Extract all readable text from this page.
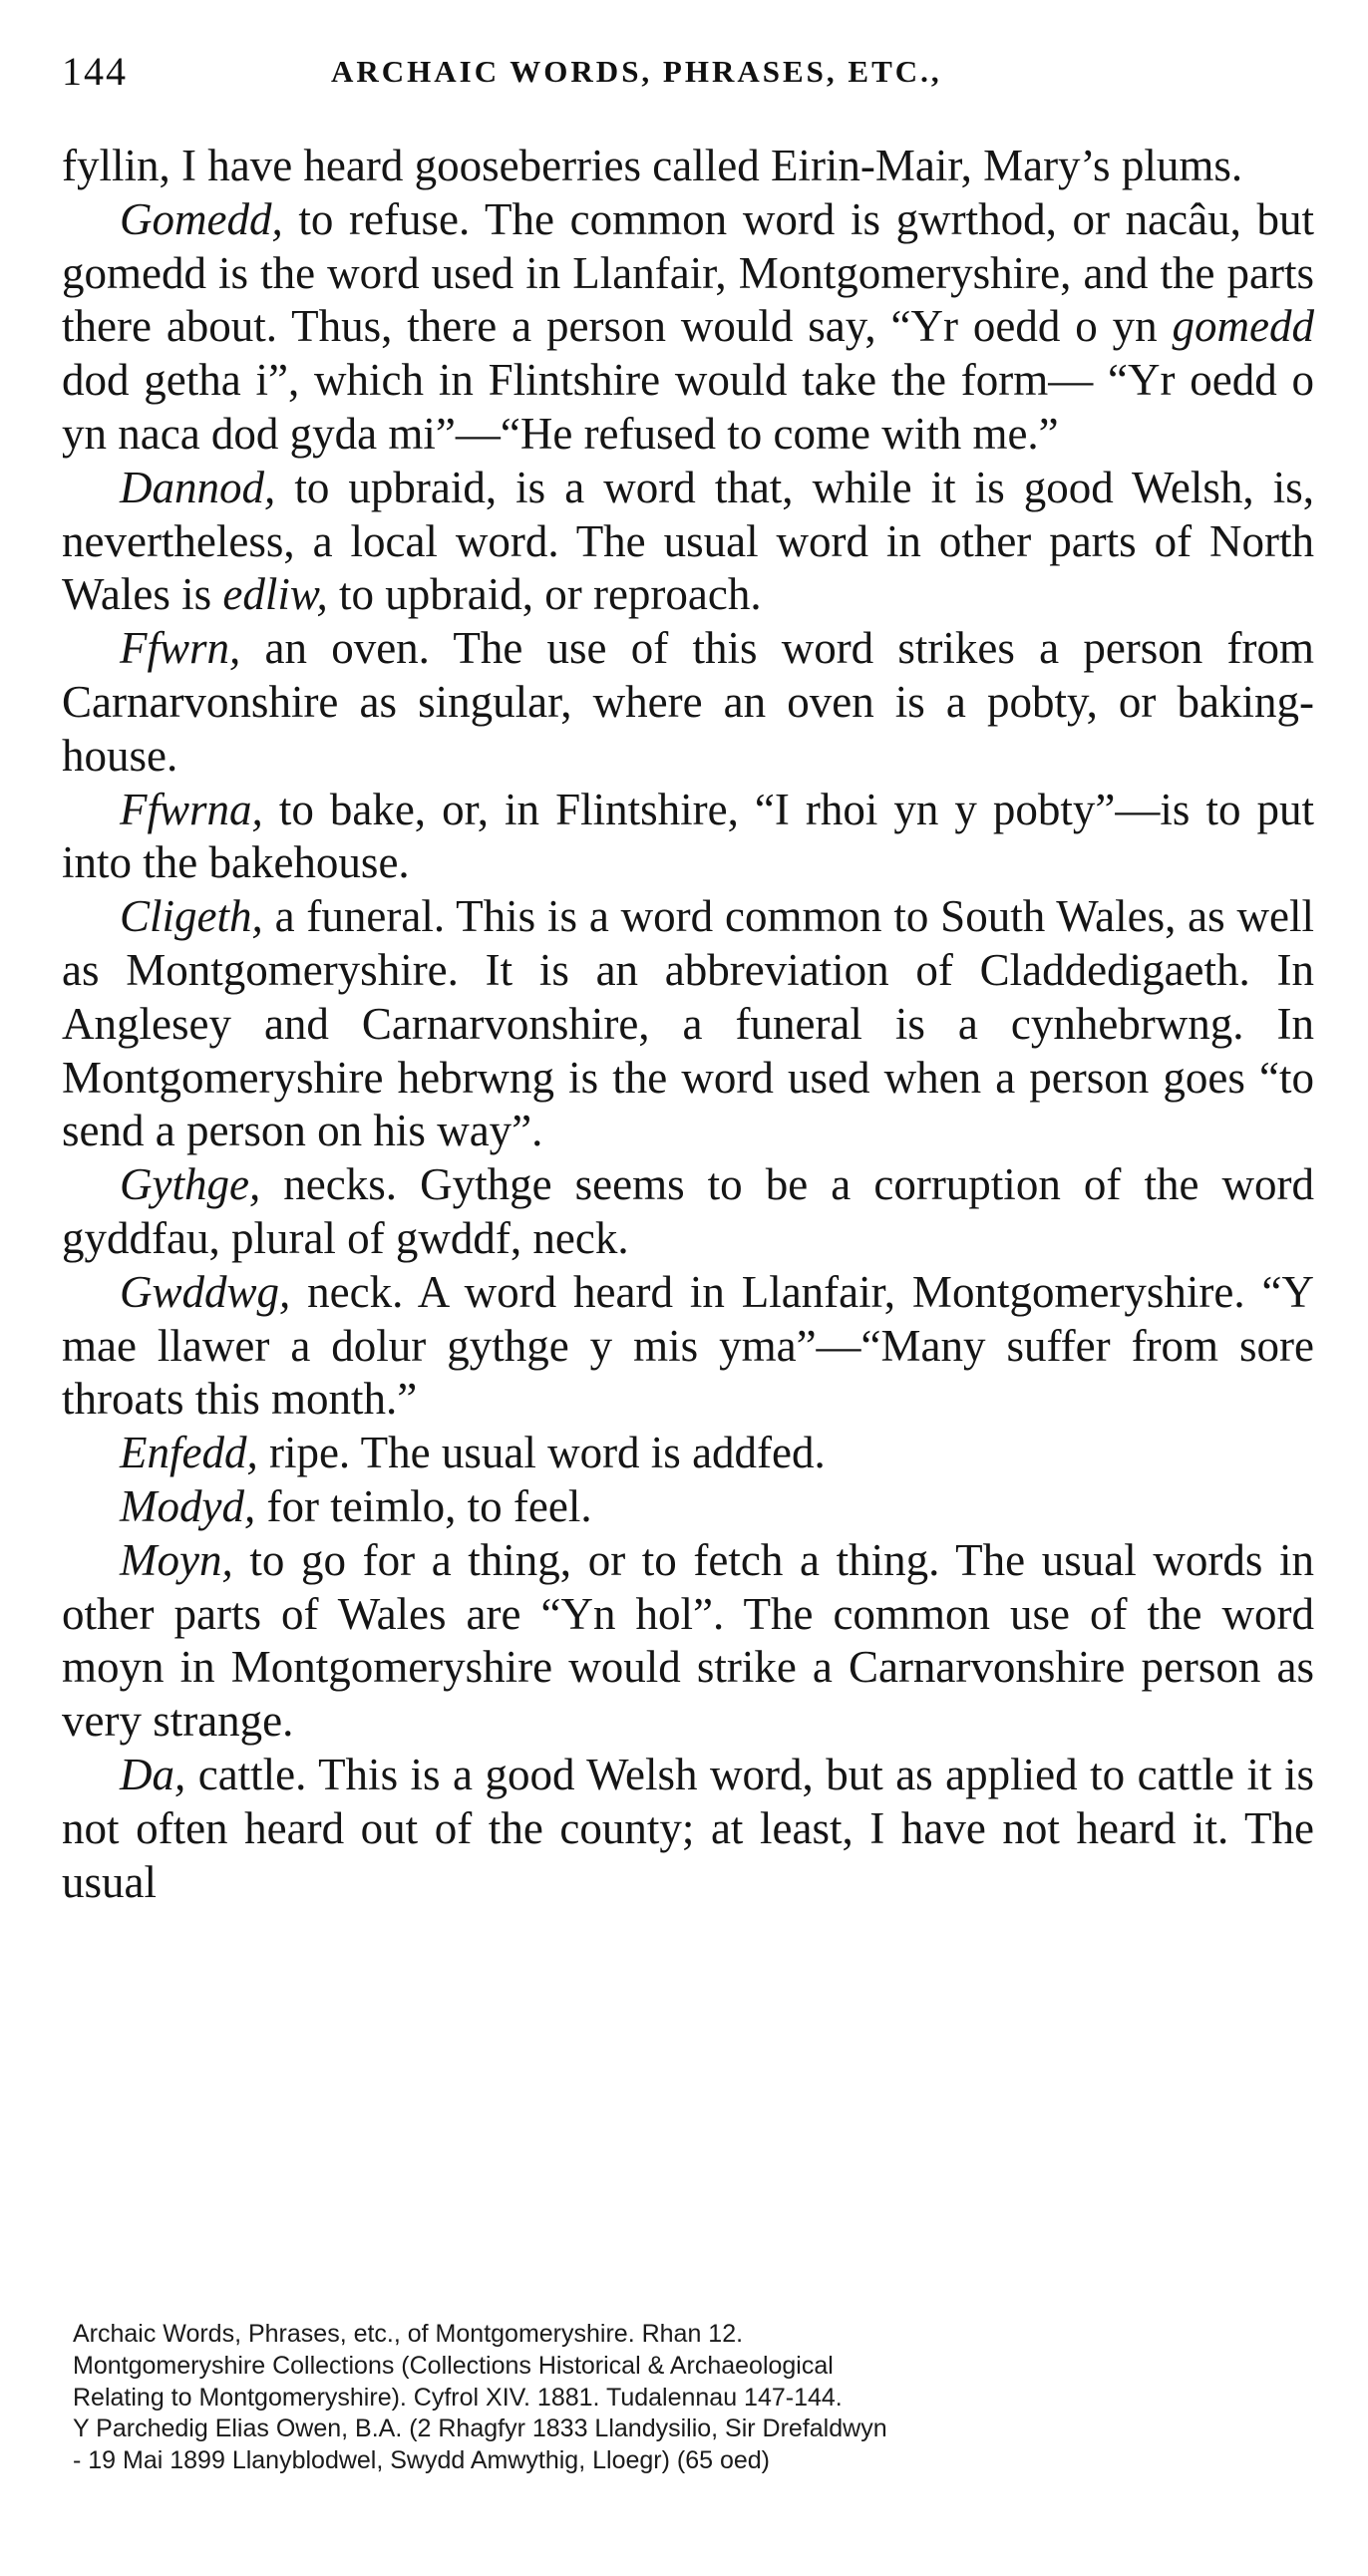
144	ARCHAIC WORDS, PHRASES, ETC.,

fyllin, I have heard gooseberries called Eirin-Mair, Mary’s plums.

Gomedd, to refuse. The common word is gwrthod, or nacâu, but gomedd is the word used in Llanfair, Montgomeryshire, and the parts there about. Thus, there a person would say, “Yr oedd o yn gomedd dod getha i”, which in Flintshire would take the form— “Yr oedd o yn naca dod gyda mi”—“He refused to come with me.”

Dannod, to upbraid, is a word that, while it is good Welsh, is, nevertheless, a local word. The usual word in other parts of North Wales is edliw, to upbraid, or reproach.

Ffwrn, an oven. The use of this word strikes a person from Carnarvonshire as singular, where an oven is a pobty, or baking-house.

Ffwrna, to bake, or, in Flintshire, “I rhoi yn y pobty”—is to put into the bakehouse.

Cligeth, a funeral. This is a word common to South Wales, as well as Montgomeryshire. It is an abbreviation of Claddedigaeth. In Anglesey and Carnarvonshire, a funeral is a cynhebrwng. In Montgomeryshire hebrwng is the word used when a person goes “to send a person on his way”.

Gythge, necks. Gythge seems to be a corruption of the word gyddfau, plural of gwddf, neck.

Gwddwg, neck. A word heard in Llanfair, Montgomeryshire. “Y mae llawer a dolur gythge y mis yma”—“Many suffer from sore throats this month.”

Enfedd, ripe. The usual word is addfed.

Modyd, for teimlo, to feel.

Moyn, to go for a thing, or to fetch a thing. The usual words in other parts of Wales are “Yn hol”. The common use of the word moyn in Montgomeryshire would strike a Carnarvonshire person as very strange.

Da, cattle. This is a good Welsh word, but as applied to cattle it is not often heard out of the county; at least, I have not heard it. The usual

Archaic Words, Phrases, etc., of Montgomeryshire. Rhan 12.
Montgomeryshire Collections (Collections Historical & Archaeological
Relating to Montgomeryshire). Cyfrol XIV. 1881. Tudalennau 147-144.
Y Parchedig Elias Owen, B.A. (2 Rhagfyr 1833 Llandysilio, Sir Drefaldwyn
- 19 Mai 1899 Llanyblodwel, Swydd Amwythig, Lloegr) (65 oed)
